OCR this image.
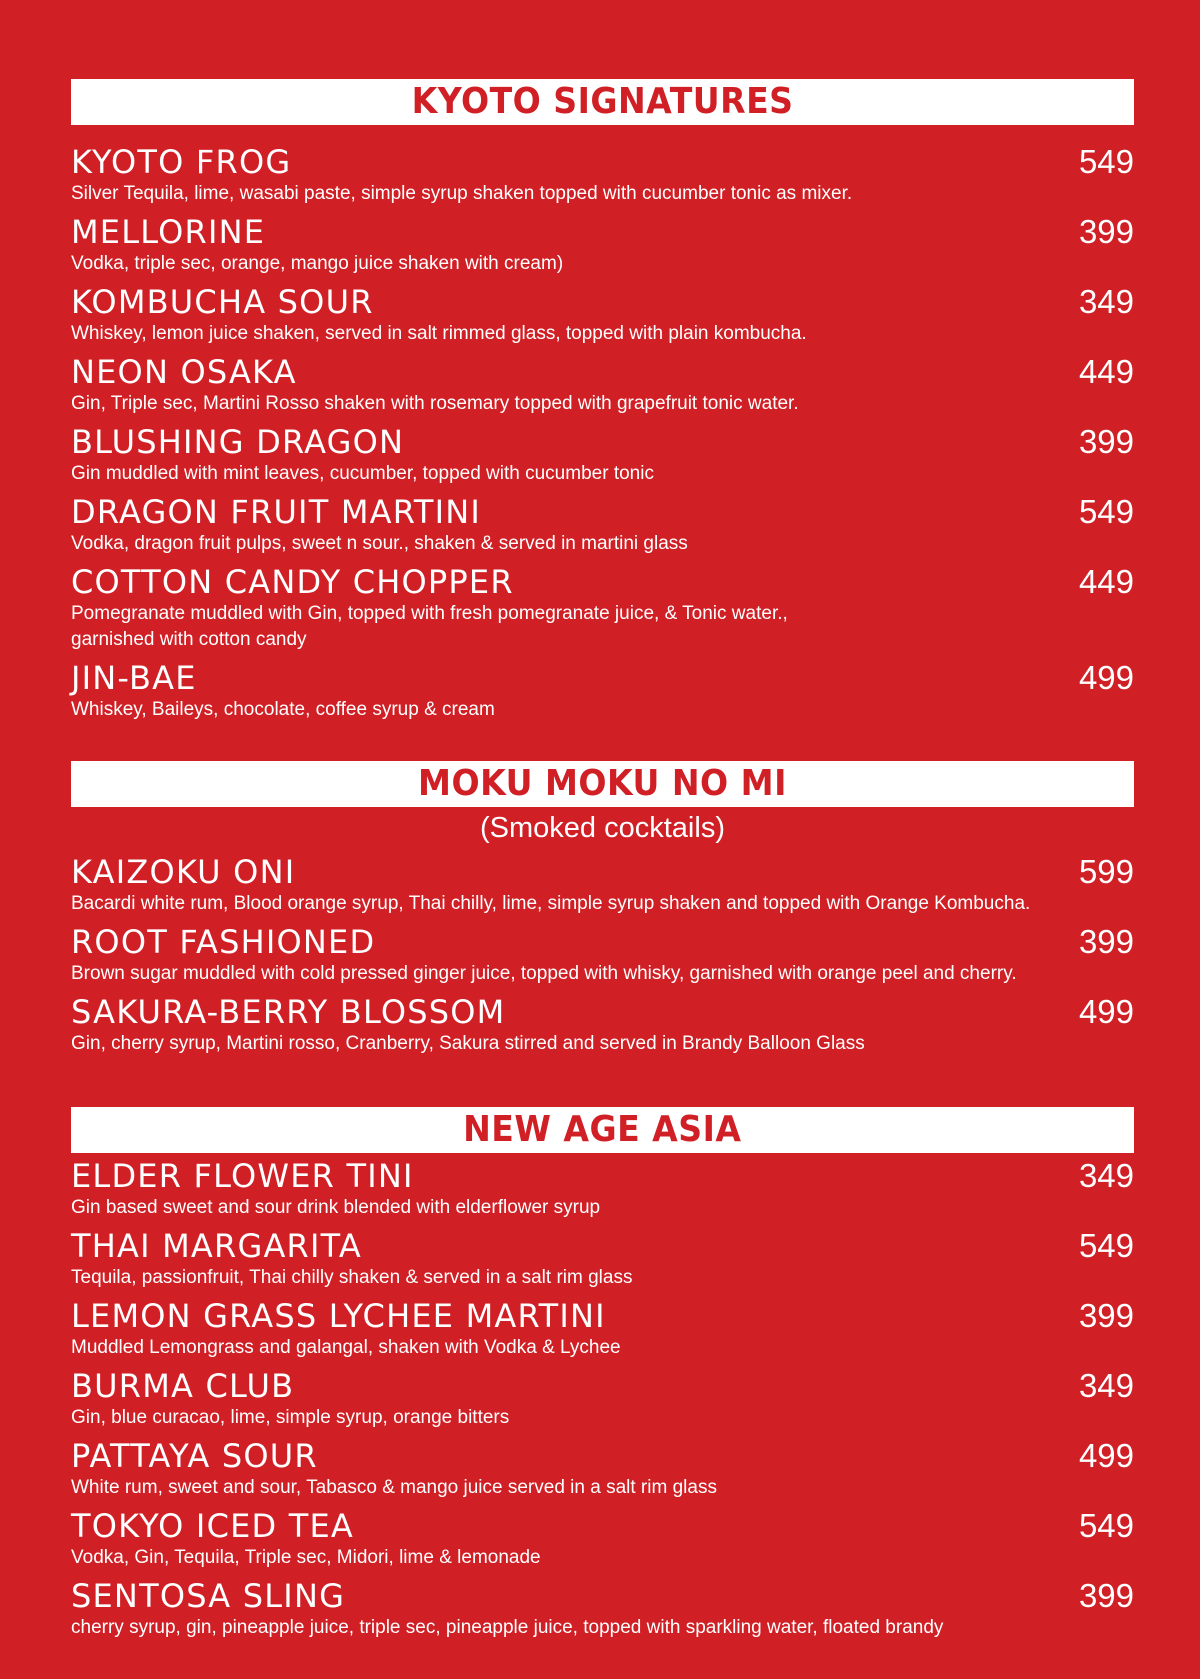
KYOTO SIGNATURES
KYOTO FROG	549
Silver Tequila, lime, wasabi paste, simple syrup shaken topped with cucumber tonic as mixer.
MELLORINE	399
Vodka, triple sec, orange, mango juice shaken with cream)
KOMBUCHA SOUR	349
Whiskey, lemon juice shaken, served in salt rimmed glass, topped with plain kombucha.
NEON OSAKA	449
Gin, Triple sec, Martini Rosso shaken with rosemary topped with grapefruit tonic water.
BLUSHING DRAGON	399
Gin muddled with mint leaves, cucumber, topped with cucumber tonic
DRAGON FRUIT MARTINI	549
Vodka, dragon fruit pulps, sweet n sour., shaken & served in martini glass
COTTON CANDY CHOPPER	449
Pomegranate muddled with Gin, topped with fresh pomegranate juice, & Tonic water.,
garnished with cotton candy
JIN-BAE	499
Whiskey, Baileys, chocolate, coffee syrup & cream
MOKU MOKU NO MI
(Smoked cocktails)
KAIZOKU ONI	599
Bacardi white rum, Blood orange syrup, Thai chilly, lime, simple syrup shaken and topped with Orange Kombucha.
ROOT FASHIONED	399
Brown sugar muddled with cold pressed ginger juice, topped with whisky, garnished with orange peel and cherry.
SAKURA-BERRY BLOSSOM	499
Gin, cherry syrup, Martini rosso, Cranberry, Sakura stirred and served in Brandy Balloon Glass
NEW AGE ASIA
ELDER FLOWER TINI	349
Gin based sweet and sour drink blended with elderflower syrup
THAI MARGARITA	549
Tequila, passionfruit, Thai chilly shaken & served in a salt rim glass
LEMON GRASS LYCHEE MARTINI	399
Muddled Lemongrass and galangal, shaken with Vodka & Lychee
BURMA CLUB	349
Gin, blue curacao, lime, simple syrup, orange bitters
PATTAYA SOUR	499
White rum, sweet and sour, Tabasco & mango juice served in a salt rim glass
TOKYO ICED TEA	549
Vodka, Gin, Tequila, Triple sec, Midori, lime & lemonade
SENTOSA SLING	399
cherry syrup, gin, pineapple juice, triple sec, pineapple juice, topped with sparkling water, floated brandy
